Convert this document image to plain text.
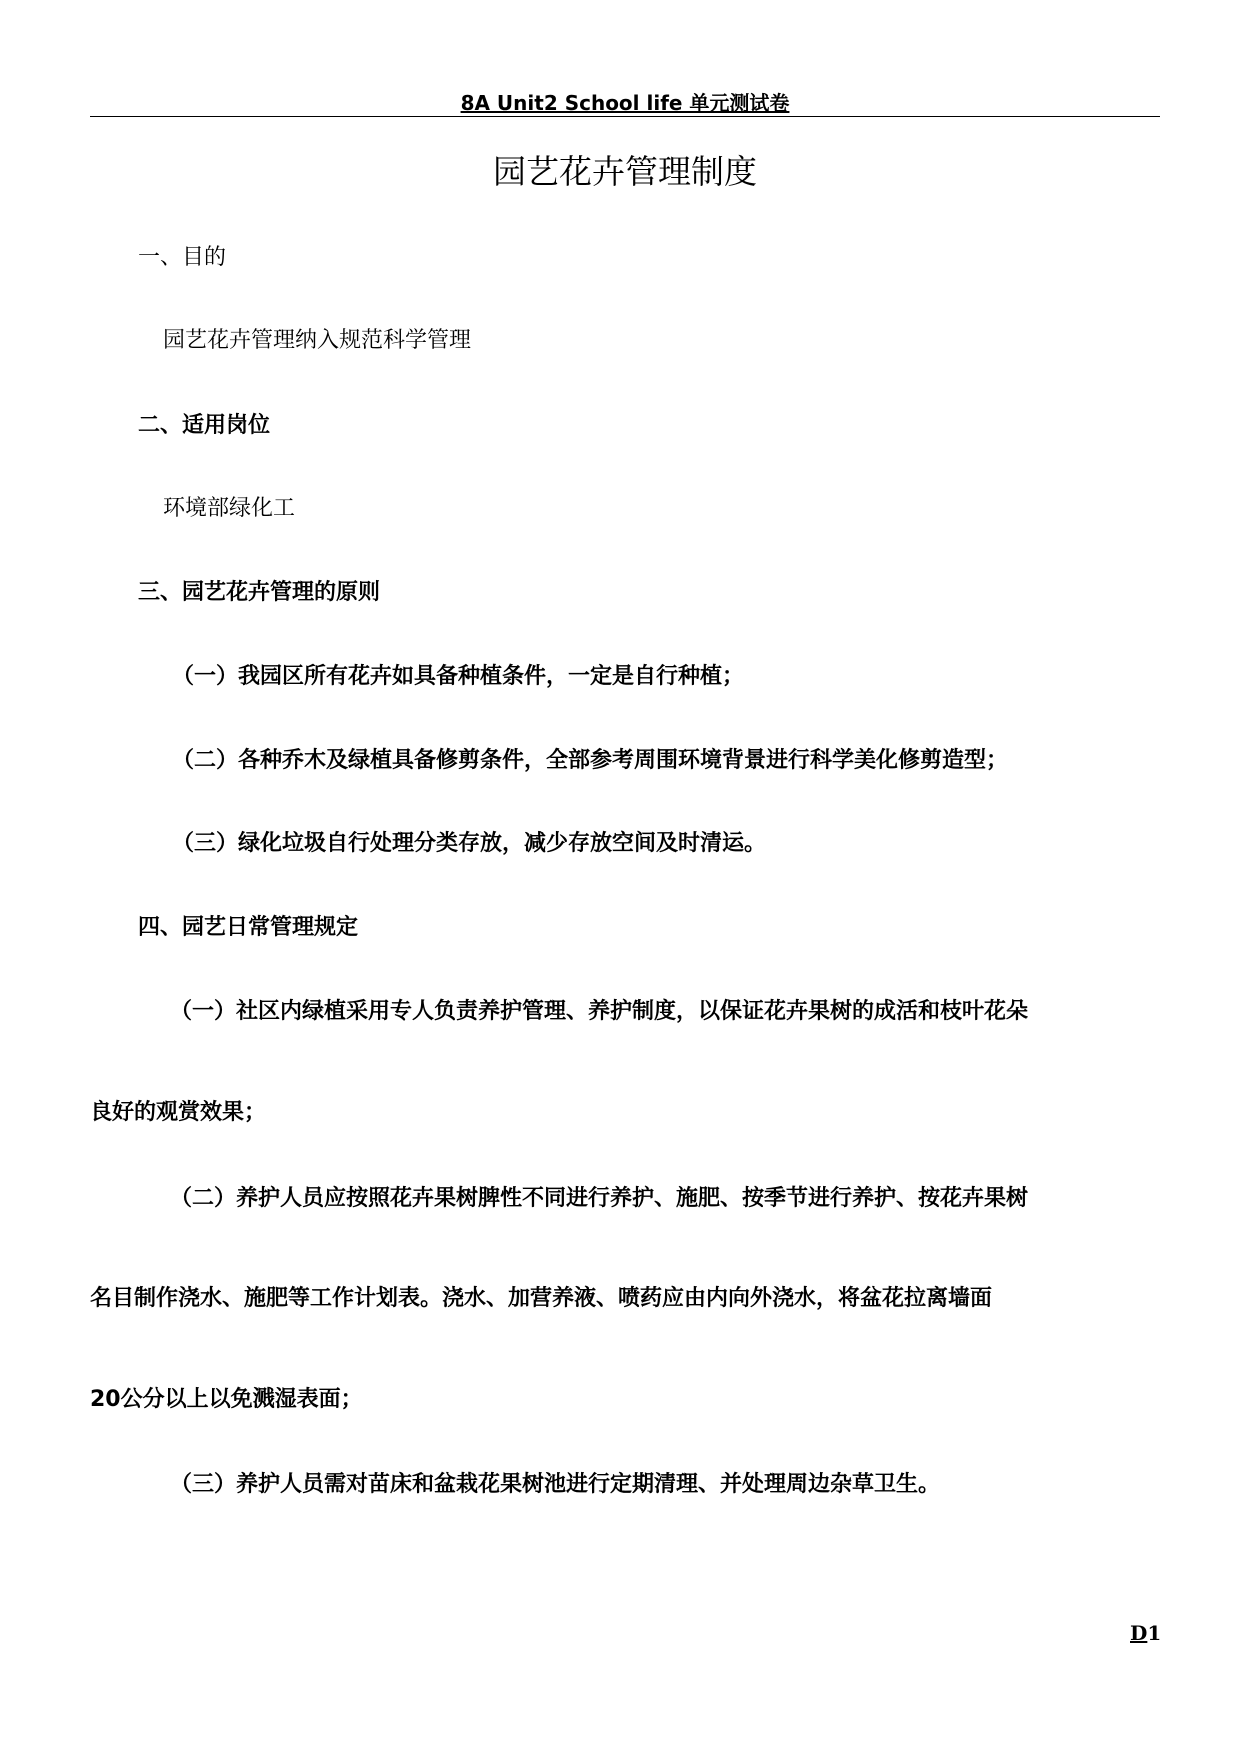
8A Unit2 School life 单元测试卷
园艺花卉管理制度
一、目的
园艺花卉管理纳入规范科学管理
二、适用岗位
环境部绿化工
三、园艺花卉管理的原则
（一）我园区所有花卉如具备种植条件，一定是自行种植；
（二）各种乔木及绿植具备修剪条件，全部参考周围环境背景进行科学美化修剪造型；
（三）绿化垃圾自行处理分类存放，减少存放空间及时清运。
四、园艺日常管理规定
（一）社区内绿植采用专人负责养护管理、养护制度，以保证花卉果树的成活和枝叶花朵
良好的观赏效果；
（二）养护人员应按照花卉果树脾性不同进行养护、施肥、按季节进行养护、按花卉果树
名目制作浇水、施肥等工作计划表。浇水、加营养液、喷药应由内向外浇水，将盆花拉离墙面
20公分以上以免溅湿表面；
（三）养护人员需对苗床和盆栽花果树池进行定期清理、并处理周边杂草卫生。
D1
